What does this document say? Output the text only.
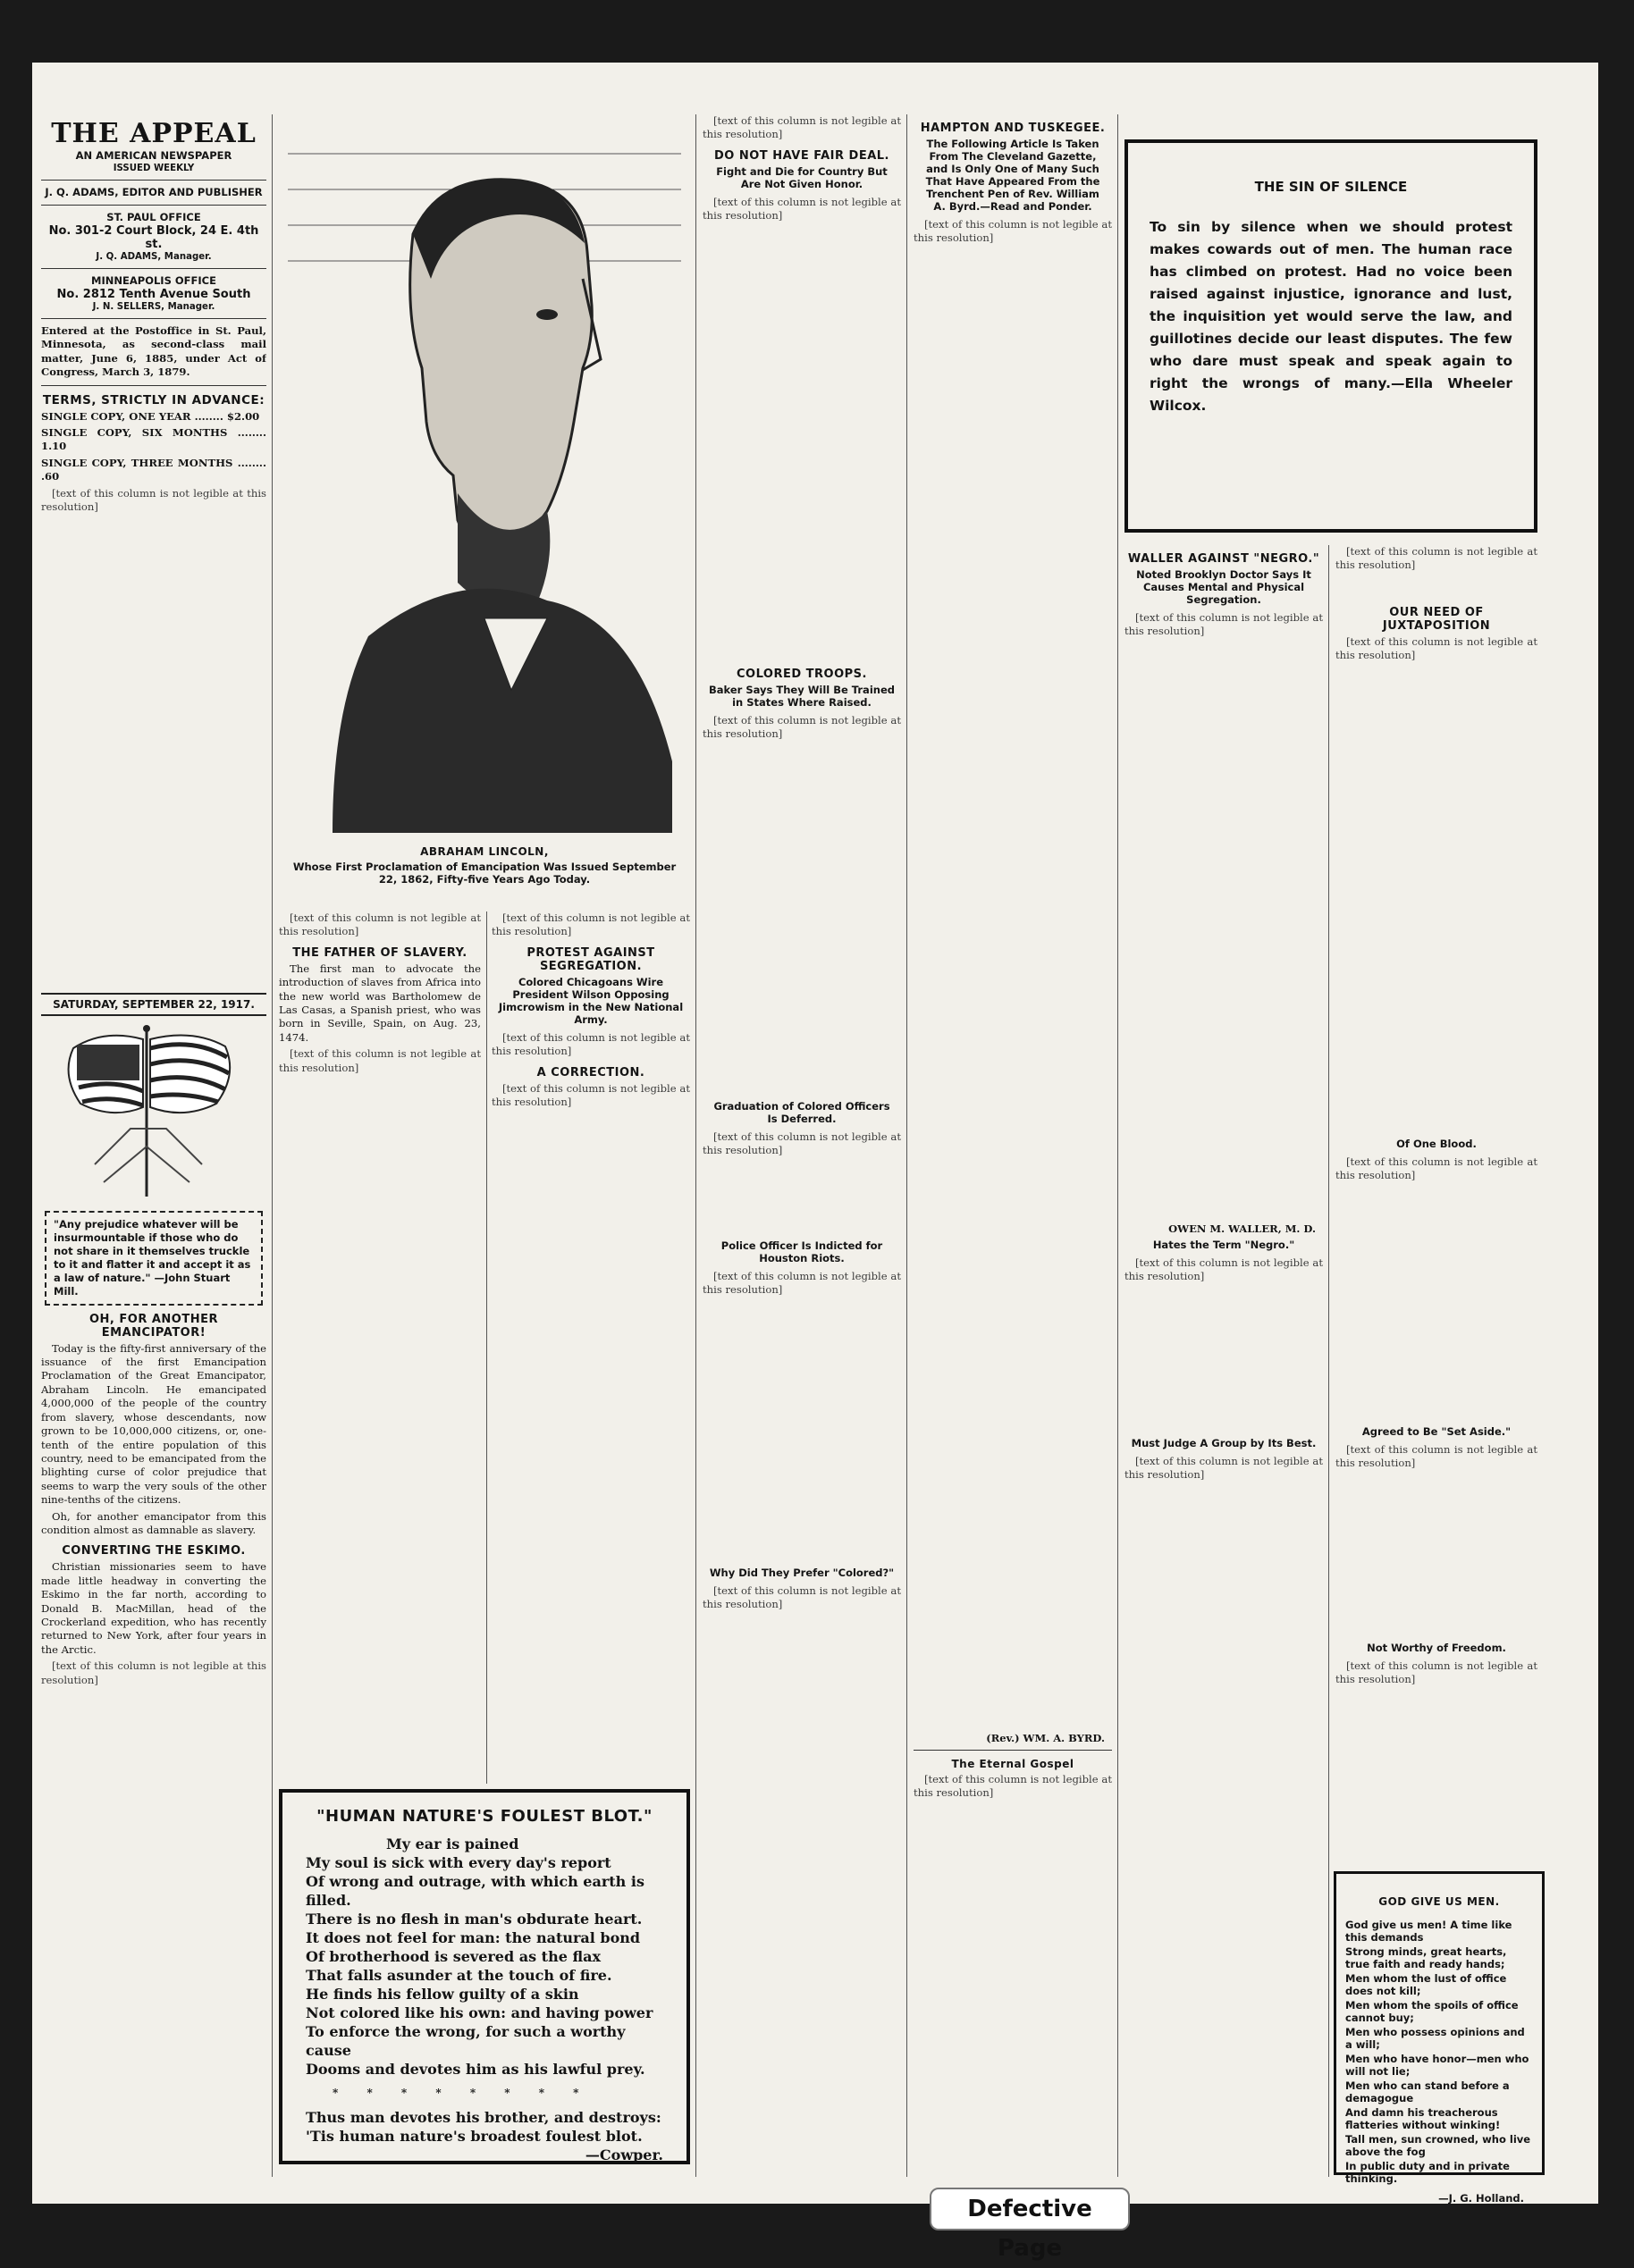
THE APPEAL
AN AMERICAN NEWSPAPER
ISSUED WEEKLY
J. Q. ADAMS, EDITOR AND PUBLISHER
ST. PAUL OFFICE
No. 301-2 Court Block, 24 E. 4th st.
J. Q. ADAMS, Manager.
MINNEAPOLIS OFFICE
No. 2812 Tenth Avenue South
J. N. SELLERS, Manager.

Entered at the Postoffice in St. Paul, Minnesota, as second-class mail matter, June 6, 1885, under Act of Congress, March 3, 1879.

TERMS, STRICTLY IN ADVANCE:

SINGLE COPY, ONE YEAR ........ $2.00

SINGLE COPY, SIX MONTHS ........ 1.10

SINGLE COPY, THREE MONTHS ........ .60

[text of this column is not legible at this resolution]

SATURDAY, SEPTEMBER 22, 1917.
"Any prejudice whatever will be insurmountable if those who do not share in it themselves truckle to it and flatter it and accept it as a law of nature." —John Stuart Mill.
OH, FOR ANOTHER EMANCIPATOR!

Today is the fifty-first anniversary of the issuance of the first Emancipation Proclamation of the Great Emancipator, Abraham Lincoln. He emancipated 4,000,000 of the people of the country from slavery, whose descendants, now grown to be 10,000,000 citizens, or, one-tenth of the entire population of this country, need to be emancipated from the blighting curse of color prejudice that seems to warp the very souls of the other nine-tenths of the citizens.

Oh, for another emancipator from this condition almost as damnable as slavery.

CONVERTING THE ESKIMO.

Christian missionaries seem to have made little headway in converting the Eskimo in the far north, according to Donald B. MacMillan, head of the Crockerland expedition, who has recently returned to New York, after four years in the Arctic.

[text of this column is not legible at this resolution]

ABRAHAM LINCOLN,
Whose First Proclamation of Emancipation Was Issued September 22, 1862, Fifty-five Years Ago Today.

[text of this column is not legible at this resolution]

THE FATHER OF SLAVERY.

The first man to advocate the introduction of slaves from Africa into the new world was Bartholomew de Las Casas, a Spanish priest, who was born in Seville, Spain, on Aug. 23, 1474.

[text of this column is not legible at this resolution]

[text of this column is not legible at this resolution]

PROTEST AGAINST SEGREGATION.
Colored Chicagoans Wire President Wilson Opposing Jimcrowism in the New National Army.

[text of this column is not legible at this resolution]

A CORRECTION.

[text of this column is not legible at this resolution]

"HUMAN NATURE'S FOULEST BLOT."
My ear is pained
My soul is sick with every day's report
Of wrong and outrage, with which earth is filled.
There is no flesh in man's obdurate heart.
It does not feel for man: the natural bond
Of brotherhood is severed as the flax
That falls asunder at the touch of fire.
He finds his fellow guilty of a skin
Not colored like his own: and having power
To enforce the wrong, for such a worthy cause
Dooms and devotes him as his lawful prey.
* * * * * * * *
Thus man devotes his brother, and destroys:
'Tis human nature's broadest foulest blot.
—Cowper.

[text of this column is not legible at this resolution]

DO NOT HAVE FAIR DEAL.
Fight and Die for Country But Are Not Given Honor.

[text of this column is not legible at this resolution]

COLORED TROOPS.
Baker Says They Will Be Trained in States Where Raised.

[text of this column is not legible at this resolution]

Graduation of Colored Officers Is Deferred.

[text of this column is not legible at this resolution]

Police Officer Is Indicted for Houston Riots.

[text of this column is not legible at this resolution]

Why Did They Prefer "Colored?"

[text of this column is not legible at this resolution]

HAMPTON AND TUSKEGEE.
The Following Article Is Taken From The Cleveland Gazette, and Is Only One of Many Such That Have Appeared From the Trenchent Pen of Rev. William A. Byrd.—Read and Ponder.

[text of this column is not legible at this resolution]

(Rev.) WM. A. BYRD.
The Eternal Gospel

[text of this column is not legible at this resolution]

THE SIN OF SILENCE
To sin by silence when we should protest makes cowards out of men. The human race has climbed on protest. Had no voice been raised against injustice, ignorance and lust, the inquisition yet would serve the law, and guillotines decide our least disputes. The few who dare must speak and speak again to right the wrongs of many.—Ella Wheeler Wilcox.
WALLER AGAINST "NEGRO."
Noted Brooklyn Doctor Says It Causes Mental and Physical Segregation.

[text of this column is not legible at this resolution]

OWEN M. WALLER, M. D.
Hates the Term "Negro."

[text of this column is not legible at this resolution]

Must Judge A Group by Its Best.

[text of this column is not legible at this resolution]

[text of this column is not legible at this resolution]

OUR NEED OF JUXTAPOSITION

[text of this column is not legible at this resolution]

Of One Blood.

[text of this column is not legible at this resolution]

Agreed to Be "Set Aside."

[text of this column is not legible at this resolution]

Not Worthy of Freedom.

[text of this column is not legible at this resolution]

GOD GIVE US MEN.
God give us men! A time like this demands
Strong minds, great hearts, true faith and ready hands;
Men whom the lust of office does not kill;
Men whom the spoils of office cannot buy;
Men who possess opinions and a will;
Men who have honor—men who will not lie;
Men who can stand before a demagogue
And damn his treacherous flatteries without winking!
Tall men, sun crowned, who live above the fog
In public duty and in private thinking.
—J. G. Holland.
Defective Page
